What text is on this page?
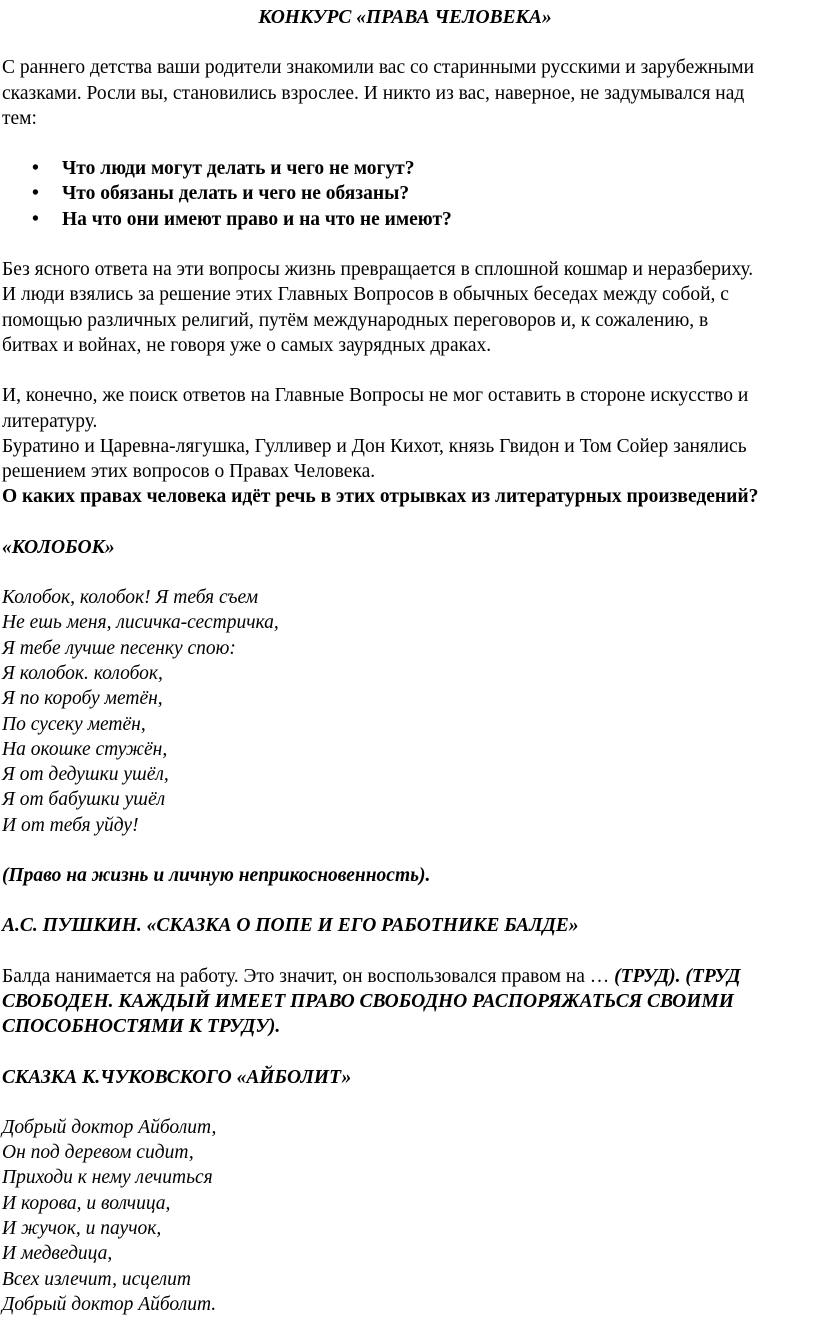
КОНКУРС «ПРАВА ЧЕЛОВЕКА»

С раннего детства ваши родители знакомили вас со старинными русскими и зарубежными

сказками. Росли вы, становились взрослее. И никто из вас, наверное, не задумывался над

тем:

• Что люди могут делать и чего не могут?
• Что обязаны делать и чего не обязаны?
• На что они имеют право и на что не имеют?

Без ясного ответа на эти вопросы жизнь превращается в сплошной кошмар и неразбериху.

И люди взялись за решение этих Главных Вопросов в обычных беседах между собой, с

помощью различных религий, путём международных переговоров и, к сожалению, в

битвах и войнах, не говоря уже о самых заурядных драках.

И, конечно, же поиск ответов на Главные Вопросы не мог оставить в стороне искусство и

литературу.

Буратино и Царевна-лягушка, Гулливер и Дон Кихот, князь Гвидон и Том Сойер занялись

решением этих вопросов о Правах Человека.

О каких правах человека идёт речь в этих отрывках из литературных произведений?

«КОЛОБОК»

Колобок, колобок! Я тебя съем

Не ешь меня, лисичка-сестричка,

Я тебе лучше песенку спою:

Я колобок. колобок,

Я по коробу метён,

По сусеку метён,

На окошке стужён,

Я от дедушки ушёл,

Я от бабушки ушёл

И от тебя уйду!

(Право на жизнь и личную неприкосновенность).

А.С. ПУШКИН. «СКАЗКА О ПОПЕ И ЕГО РАБОТНИКЕ БАЛДЕ»

Балда нанимается на работу. Это значит, он воспользовался правом на … (ТРУД). (ТРУД

СВОБОДЕН. КАЖДЫЙ ИМЕЕТ ПРАВО СВОБОДНО РАСПОРЯЖАТЬСЯ СВОИМИ

СПОСОБНОСТЯМИ К ТРУДУ).

СКАЗКА К.ЧУКОВСКОГО «АЙБОЛИТ»

Добрый доктор Айболит,

Он под деревом сидит,

Приходи к нему лечиться

И корова, и волчица,

И жучок, и паучок,

И медведица,

Всех излечит, исцелит

Добрый доктор Айболит.
